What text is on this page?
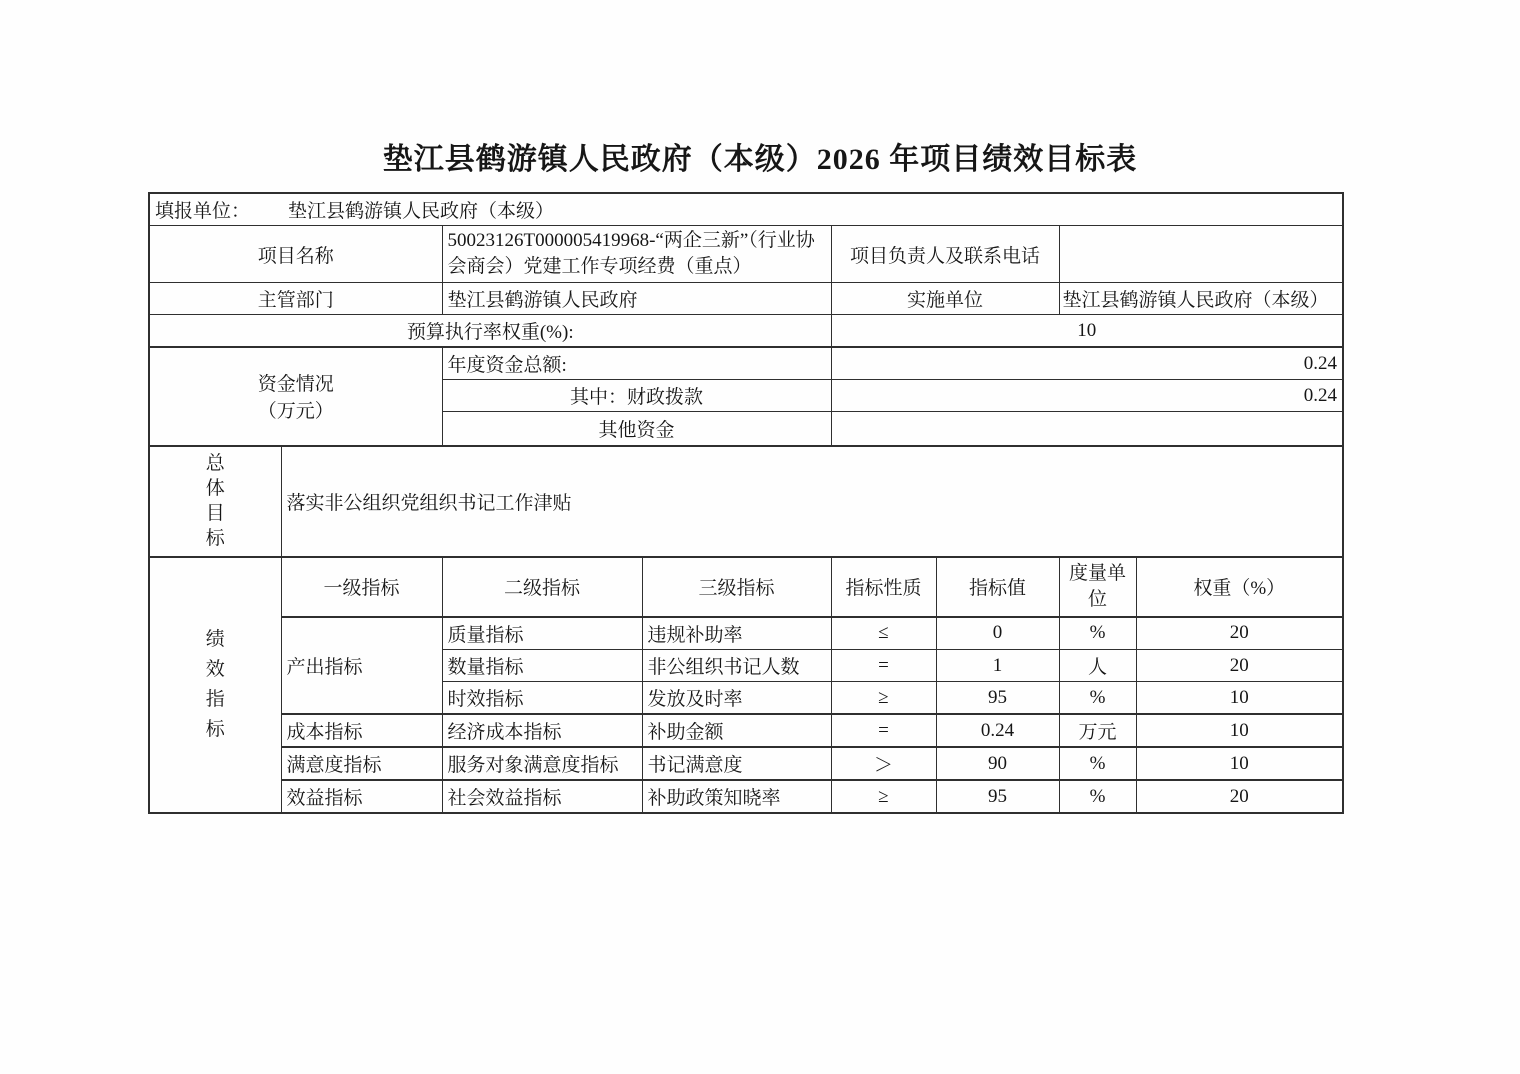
垫江县鹤游镇人民政府（本级）2026 年项目绩效目标表
填报单位： 垫江县鹤游镇人民政府（本级）							
项目名称		50023126T000005419968-“两企三新”（行业协会商会）党建工作专项经费（重点）		项目负责人及联系电话			
主管部门		垫江县鹤游镇人民政府		实施单位		垫江县鹤游镇人民政府（本级）	
预算执行率权重(%):				10			

资金情况
（万元）		年度资金总额:		0.24			
		其中：财政拨款		0.24			
		其他资金					

总体目标	落实非公组织党组织书记工作津贴						

绩效指标	一级指标	二级指标	三级指标	指标性质	指标值	度量单位	权重（%）
	产出指标	质量指标	违规补助率	≤	0	%	20
		数量指标	非公组织书记人数	=	1	人	20
		时效指标	发放及时率	≥	95	%	10
	成本指标	经济成本指标	补助金额	=	0.24	万元	10
	满意度指标	服务对象满意度指标	书记满意度	＞	90	%	10
	效益指标	社会效益指标	补助政策知晓率	≥	95	%	20
